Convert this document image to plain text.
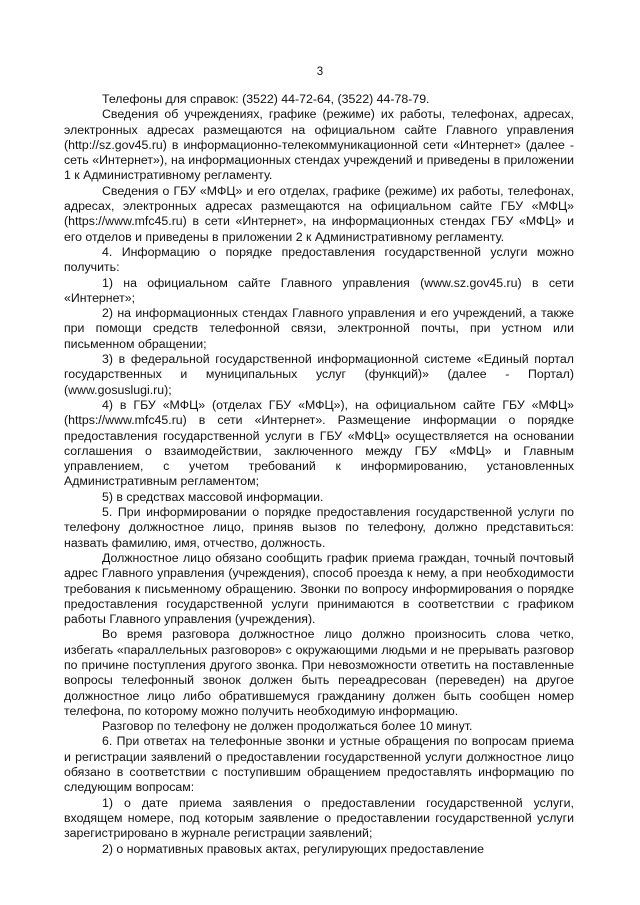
3

Телефоны для справок: (3522) 44-72-64, (3522) 44-78-79.

Сведения об учреждениях, графике (режиме) их работы, телефонах, адресах, электронных адресах размещаются на официальном сайте Главного управления (http://sz.gov45.ru) в информационно-телекоммуникационной сети «Интернет» (далее - сеть «Интернет»), на информационных стендах учреждений и приведены в приложении 1 к Административному регламенту.

Сведения о ГБУ «МФЦ» и его отделах, графике (режиме) их работы, телефонах, адресах, электронных адресах размещаются на официальном сайте ГБУ «МФЦ» (https://www.mfc45.ru) в сети «Интернет», на информационных стендах ГБУ «МФЦ» и его отделов и приведены в приложении 2 к Административному регламенту.

4. Информацию о порядке предоставления государственной услуги можно получить:

1) на официальном сайте Главного управления (www.sz.gov45.ru) в сети «Интернет»;

2) на информационных стендах Главного управления и его учреждений, а также при помощи средств телефонной связи, электронной почты, при устном или письменном обращении;

3) в федеральной государственной информационной системе «Единый портал государственных и муниципальных услуг (функций)» (далее - Портал) (www.gosuslugi.ru);

4) в ГБУ «МФЦ» (отделах ГБУ «МФЦ»), на официальном сайте ГБУ «МФЦ» (https://www.mfc45.ru) в сети «Интернет». Размещение информации о порядке предоставления государственной услуги в ГБУ «МФЦ» осуществляется на основании соглашения о взаимодействии, заключенного между ГБУ «МФЦ» и Главным управлением, с учетом требований к информированию, установленных Административным регламентом;

5) в средствах массовой информации.

5. При информировании о порядке предоставления государственной услуги по телефону должностное лицо, приняв вызов по телефону, должно представиться: назвать фамилию, имя, отчество, должность.

Должностное лицо обязано сообщить график приема граждан, точный почтовый адрес Главного управления (учреждения), способ проезда к нему, а при необходимости требования к письменному обращению. Звонки по вопросу информирования о порядке предоставления государственной услуги принимаются в соответствии с графиком работы Главного управления (учреждения).

Во время разговора должностное лицо должно произносить слова четко, избегать «параллельных разговоров» с окружающими людьми и не прерывать разговор по причине поступления другого звонка. При невозможности ответить на поставленные вопросы телефонный звонок должен быть переадресован (переведен) на другое должностное лицо либо обратившемуся гражданину должен быть сообщен номер телефона, по которому можно получить необходимую информацию.

Разговор по телефону не должен продолжаться более 10 минут.

6. При ответах на телефонные звонки и устные обращения по вопросам приема и регистрации заявлений о предоставлении государственной услуги должностное лицо обязано в соответствии с поступившим обращением предоставлять информацию по следующим вопросам:

1) о дате приема заявления о предоставлении государственной услуги, входящем номере, под которым заявление о предоставлении государственной услуги зарегистрировано в журнале регистрации заявлений;

2) о нормативных правовых актах, регулирующих предоставление
